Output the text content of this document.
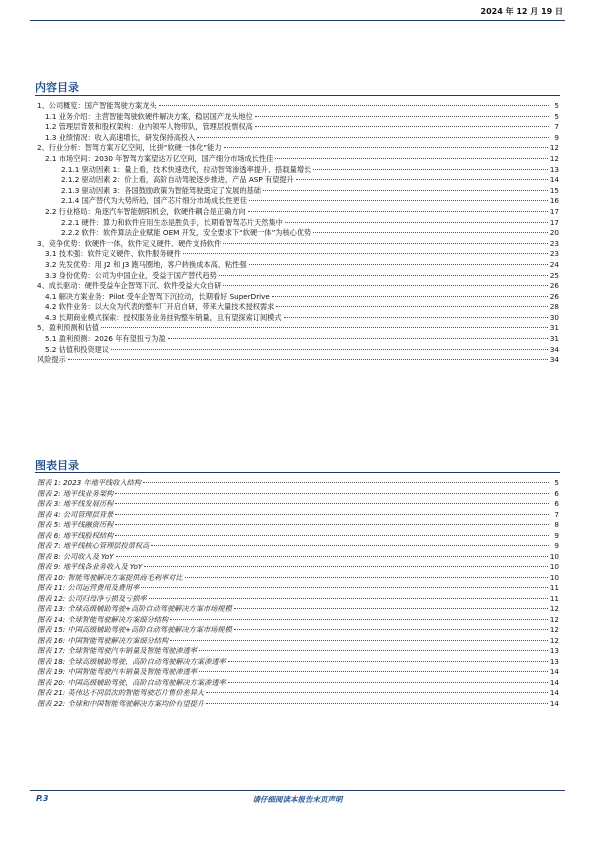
2024 年 12 月 19 日
内容目录
1、公司概览：国产智能驾驶方案龙头	5
1.1 业务介绍：主营智能驾驶软硬件解决方案，稳居国产龙头地位	5
1.2 管理层背景和股权架构：业内领军人物带队，管理层投票权高	7
1.3 业绩情况：收入高速增长，研发保持高投入	9
2、行业分析：智驾方案万亿空间，比拼“软硬一体化”能力	12
2.1 市场空间：2030 年智驾方案望达万亿空间，国产细分市场成长性佳	12
2.1.1 驱动因素 1：量上看，技术快速迭代，拉动智驾渗透率提升、搭载量增长	13
2.1.2 驱动因素 2：价上看，高阶自动驾驶逐步推进，产品 ASP 有望提升	14
2.1.3 驱动因素 3：各国鼓励政策为智能驾驶奠定了发展的基础	15
2.1.4 国产替代为大势所趋，国产芯片细分市场成长性更佳	16
2.2 行业格局：角逐汽车智能朝阳机会，软硬件耦合是正确方向	17
2.2.1 硬件：算力和软件应用生态是胜负手，长期看智驾芯片天然集中	17
2.2.2 软件：软件算法企业赋能 OEM 开发，安全要求下“软硬一体”为核心优势	20
3、竞争优势：软硬件一体，软件定义硬件、硬件支持软件	23
3.1 技术强：软件定义硬件、软件服务硬件	23
3.2 先发优势：用 J2 和 J3 跑马圈地，客户转换成本高、粘性强	24
3.3 身份优势：公司为中国企业，受益于国产替代趋势	25
4、成长驱动：硬件受益车企智驾下沉、软件受益大众自研	26
4.1 解决方案业务：Pilot 受车企智驾下沉拉动，长期看好 SuperDrive	26
4.2 软件业务：以大众为代表的整车厂开启自研，带来大量技术授权需求	28
4.3 长期商业模式探索：授权服务业务挂钩整车销量，且有望探索订阅模式	30
5、盈利预测和估值	31
5.1 盈利预测：2026 年有望扭亏为盈	31
5.2 估值和投资建议	34
风险提示	34
图表目录
图表 1: 2023 年地平线收入结构	5
图表 2: 地平线业务架构	6
图表 3: 地平线发展历程	6
图表 4: 公司管理层背景	7
图表 5: 地平线融资历程	8
图表 6: 地平线股权结构	9
图表 7: 地平线核心管理层投票权高	9
图表 8: 公司收入及 YoY	10
图表 9: 地平线各业务收入及 YoY	10
图表 10: 智能驾驶解决方案提供商毛利率对比	10
图表 11: 公司运营费用及费用率	11
图表 12: 公司归母净亏损及亏损率	11
图表 13: 全球高级辅助驾驶+高阶自动驾驶解决方案市场规模	12
图表 14: 全球智能驾驶解决方案细分结构	12
图表 15: 中国高级辅助驾驶+高阶自动驾驶解决方案市场规模	12
图表 16: 中国智能驾驶解决方案细分结构	12
图表 17: 全球智能驾驶汽车销量及智能驾驶渗透率	13
图表 18: 全球高级辅助驾驶、高阶自动驾驶解决方案渗透率	13
图表 19: 中国智能驾驶汽车销量及智能驾驶渗透率	14
图表 20: 中国高级辅助驾驶、高阶自动驾驶解决方案渗透率	14
图表 21: 英伟达不同层次的智能驾驶芯片售价差异大	14
图表 22: 全球和中国智能驾驶解决方案均价有望提升	14
P.3	请仔细阅读本报告末页声明
